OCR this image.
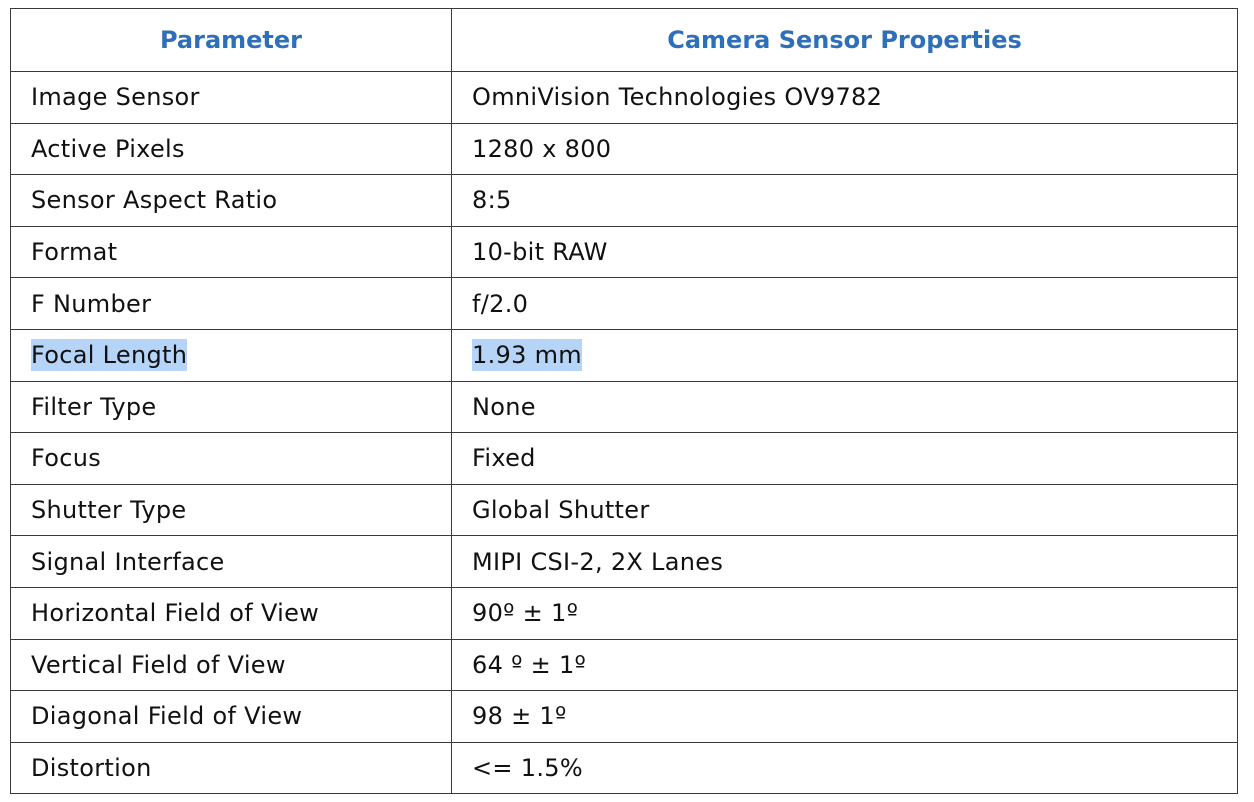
Parameter	Camera Sensor Properties
Image Sensor	OmniVision Technologies OV9782
Active Pixels	1280 x 800
Sensor Aspect Ratio	8:5
Format	10-bit RAW
F Number	f/2.0
Focal Length	1.93 mm
Filter Type	None
Focus	Fixed
Shutter Type	Global Shutter
Signal Interface	MIPI CSI-2, 2X Lanes
Horizontal Field of View	90º ± 1º
Vertical Field of View	64 º ± 1º
Diagonal Field of View	98 ± 1º
Distortion	<= 1.5%
